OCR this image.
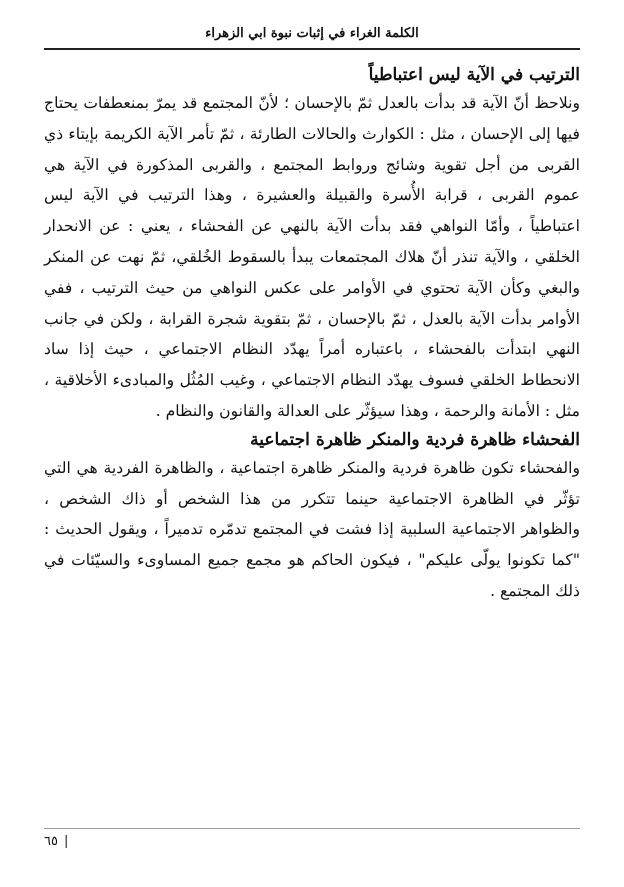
الكلمة الغراء في إثبات نبوة ابي الزهراء
الترتيب في الآية ليس اعتباطياً

ونلاحظ أنّ الآية قد بدأت بالعدل ثمّ بالإحسان ؛ لأنّ المجتمع قد يمرّ بمنعطفات يحتاج فيها إلى الإحسان ، مثل : الكوارث والحالات الطارئة ، ثمّ تأمر الآية الكريمة بإيتاء ذي القربى من أجل تقوية وشائج وروابط المجتمع ، والقربى المذكورة في الآية هي عموم القربى ، قرابة الأُسرة والقبيلة والعشيرة ، وهذا الترتيب في الآية ليس اعتباطياً ، وأمّا النواهي فقد بدأت الآية بالنهي عن الفحشاء ، يعني : عن الانحدار الخلقي ، والآية تنذر أنّ هلاك المجتمعات يبدأ بالسقوط الخُلقي، ثمّ نهت عن المنكر والبغي وكأن الآية تحتوي في الأوامر على عكس النواهي من حيث الترتيب ، ففي الأوامر بدأت الآية بالعدل ، ثمّ بالإحسان ، ثمّ بتقوية شجرة القرابة ، ولكن في جانب النهي ابتدأت بالفحشاء ، باعتباره أمراً يهدّد النظام الاجتماعي ، حيث إذا ساد الانحطاط الخلقي فسوف يهدّد النظام الاجتماعي ، وغيب المُثُل والمبادىء الأخلاقية ، مثل : الأمانة والرحمة ، وهذا سيؤثّر على العدالة والقانون والنظام .

الفحشاء ظاهرة فردية والمنكر ظاهرة اجتماعية

والفحشاء تكون ظاهرة فردية والمنكر ظاهرة اجتماعية ، والظاهرة الفردية هي التي تؤثّر في الظاهرة الاجتماعية حينما تتكرر من هذا الشخص أو ذاك الشخص ، والظواهر الاجتماعية السلبية إذا فشت في المجتمع تدمّره تدميراً ، ويقول الحديث : "كما تكونوا يولّى عليكم" ، فيكون الحاكم هو مجمع جميع المساوىء والسيّئات في ذلك المجتمع .

٦٥ |
